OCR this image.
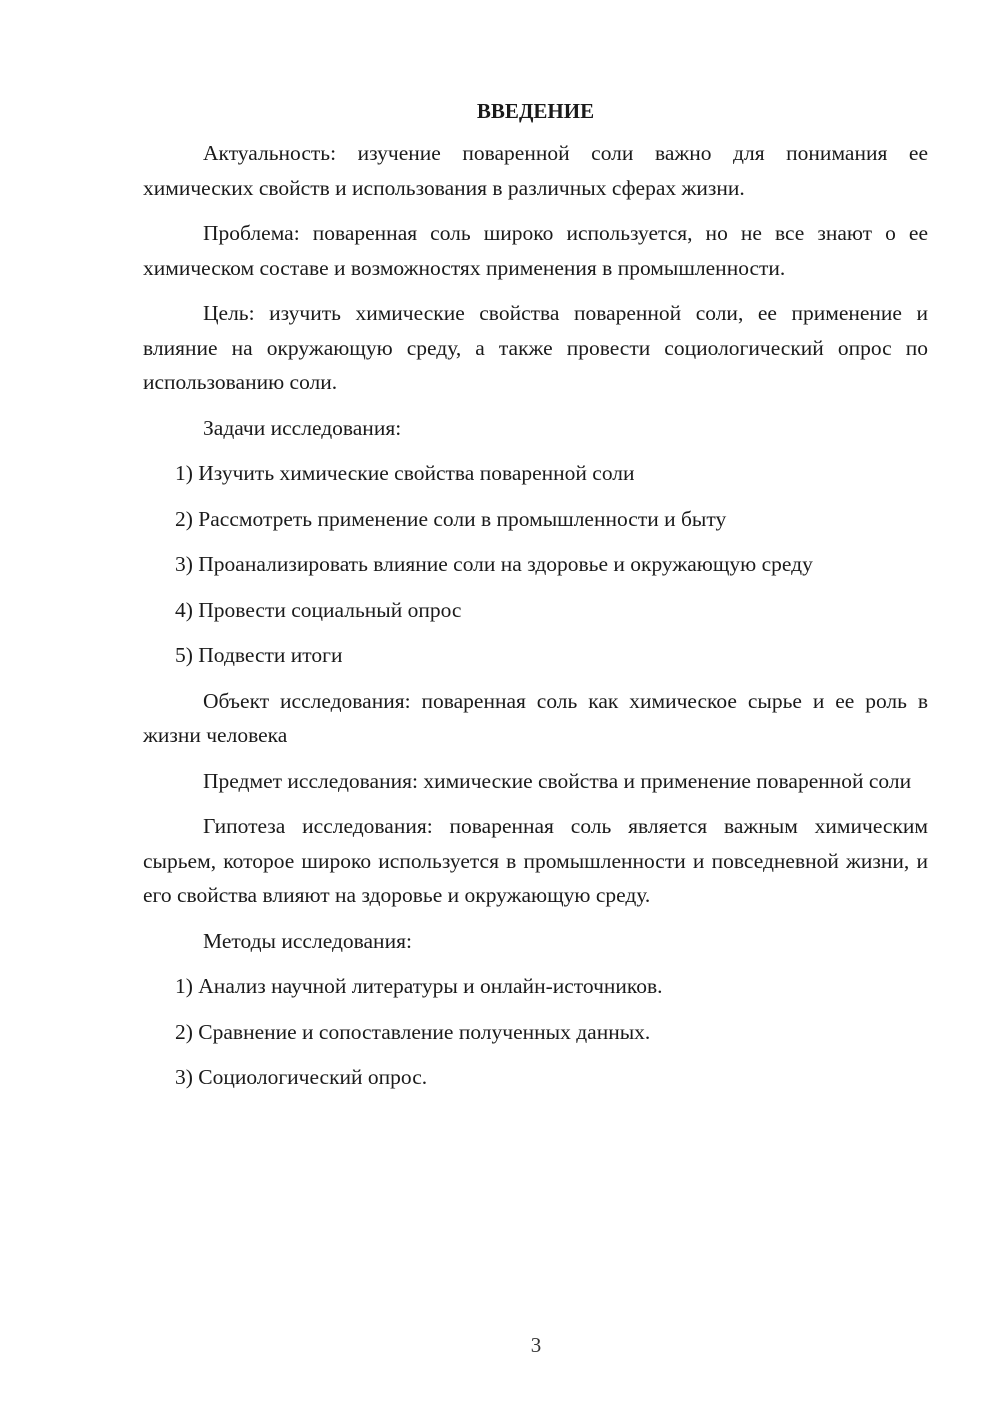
ВВЕДЕНИЕ
Актуальность: изучение поваренной соли важно для понимания ее химических свойств и использования в различных сферах жизни.
Проблема: поваренная соль широко используется, но не все знают о ее химическом составе и возможностях применения в промышленности.
Цель: изучить химические свойства поваренной соли, ее применение и влияние на окружающую среду, а также провести социологический опрос по использованию соли.
Задачи исследования:
1) Изучить химические свойства поваренной соли
2) Рассмотреть применение соли в промышленности и быту
3) Проанализировать влияние соли на здоровье и окружающую среду
4) Провести социальный опрос
5) Подвести итоги
Объект исследования: поваренная соль как химическое сырье и ее роль в жизни человека
Предмет исследования: химические свойства и применение поваренной соли
Гипотеза исследования: поваренная соль является важным химическим сырьем, которое широко используется в промышленности и повседневной жизни, и его свойства влияют на здоровье и окружающую среду.
Методы исследования:
1) Анализ научной литературы и онлайн-источников.
2) Сравнение и сопоставление полученных данных.
3) Социологический опрос.
3
